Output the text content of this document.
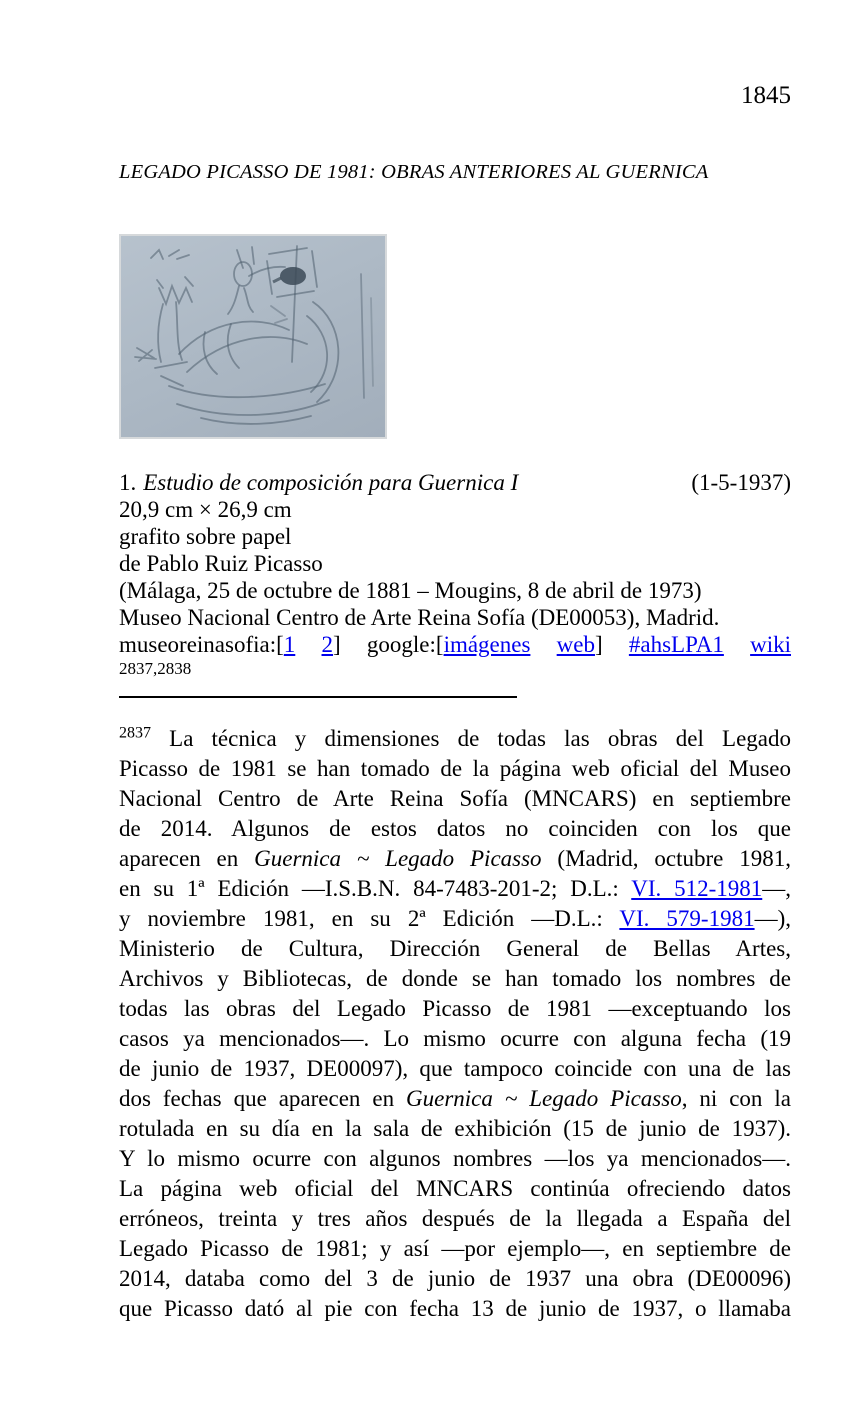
1845
LEGADO PICASSO DE 1981: OBRAS ANTERIORES AL GUERNICA
1. Estudio de composición para Guernica I	(1-5-1937)
20,9 cm × 26,9 cm
grafito sobre papel
de Pablo Ruiz Picasso
(Málaga, 25 de octubre de 1881 – Mougins, 8 de abril de 1973)
Museo Nacional Centro de Arte Reina Sofía (DE00053), Madrid.
museoreinasofia:[1 2] google:[imágenes web] #ahsLPA1 wiki
2837,2838
$^{2837}$ La técnica y dimensiones de todas las obras del Legado
Picasso de 1981 se han tomado de la página web oficial del Museo
Nacional Centro de Arte Reina Sofía (MNCARS) en septiembre
de 2014. Algunos de estos datos no coinciden con los que
aparecen en Guernica ~ Legado Picasso (Madrid, octubre 1981,
en su 1ª Edición —I.S.B.N. 84-7483-201-2; D.L.: VI. 512-1981—,
y noviembre 1981, en su 2ª Edición —D.L.: VI. 579-1981—),
Ministerio de Cultura, Dirección General de Bellas Artes,
Archivos y Bibliotecas, de donde se han tomado los nombres de
todas las obras del Legado Picasso de 1981 —exceptuando los
casos ya mencionados—. Lo mismo ocurre con alguna fecha (19
de junio de 1937, DE00097), que tampoco coincide con una de las
dos fechas que aparecen en Guernica ~ Legado Picasso, ni con la
rotulada en su día en la sala de exhibición (15 de junio de 1937).
Y lo mismo ocurre con algunos nombres —los ya mencionados—.
La página web oficial del MNCARS continúa ofreciendo datos
erróneos, treinta y tres años después de la llegada a España del
Legado Picasso de 1981; y así —por ejemplo—, en septiembre de
2014, databa como del 3 de junio de 1937 una obra (DE00096)
que Picasso dató al pie con fecha 13 de junio de 1937, o llamaba
